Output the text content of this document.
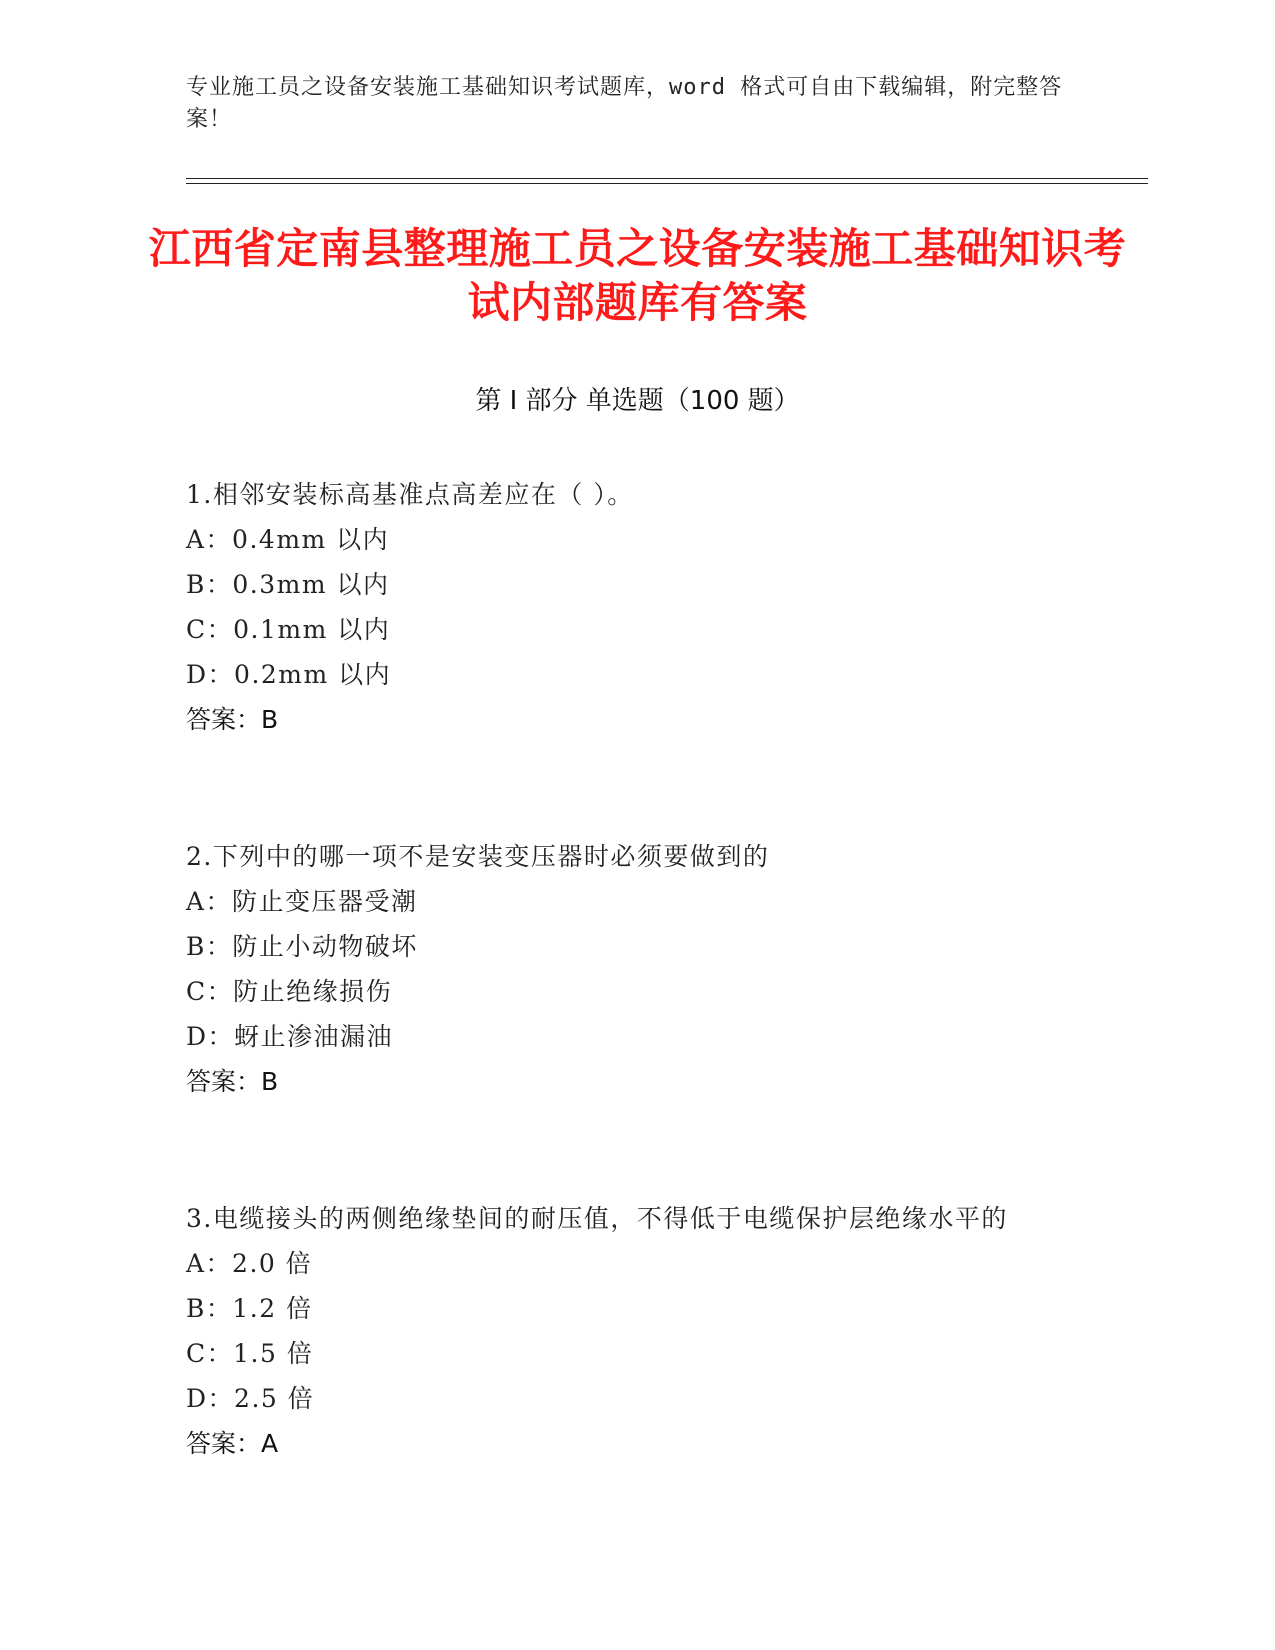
专业施工员之设备安装施工基础知识考试题库，word 格式可自由下载编辑，附完整答案！
江西省定南县整理施工员之设备安装施工基础知识考试内部题库有答案
第 I 部分 单选题（100 题）
1.相邻安装标高基准点高差应在（ ）。
A：0.4mm 以内
B：0.3mm 以内
C：0.1mm 以内
D：0.2mm 以内
答案：B
2.下列中的哪一项不是安装变压器时必须要做到的
A：防止变压器受潮
B：防止小动物破坏
C：防止绝缘损伤
D：蚜止渗油漏油
答案：B
3.电缆接头的两侧绝缘垫间的耐压值，不得低于电缆保护层绝缘水平的
A：2.0 倍
B：1.2 倍
C：1.5 倍
D：2.5 倍
答案：A
